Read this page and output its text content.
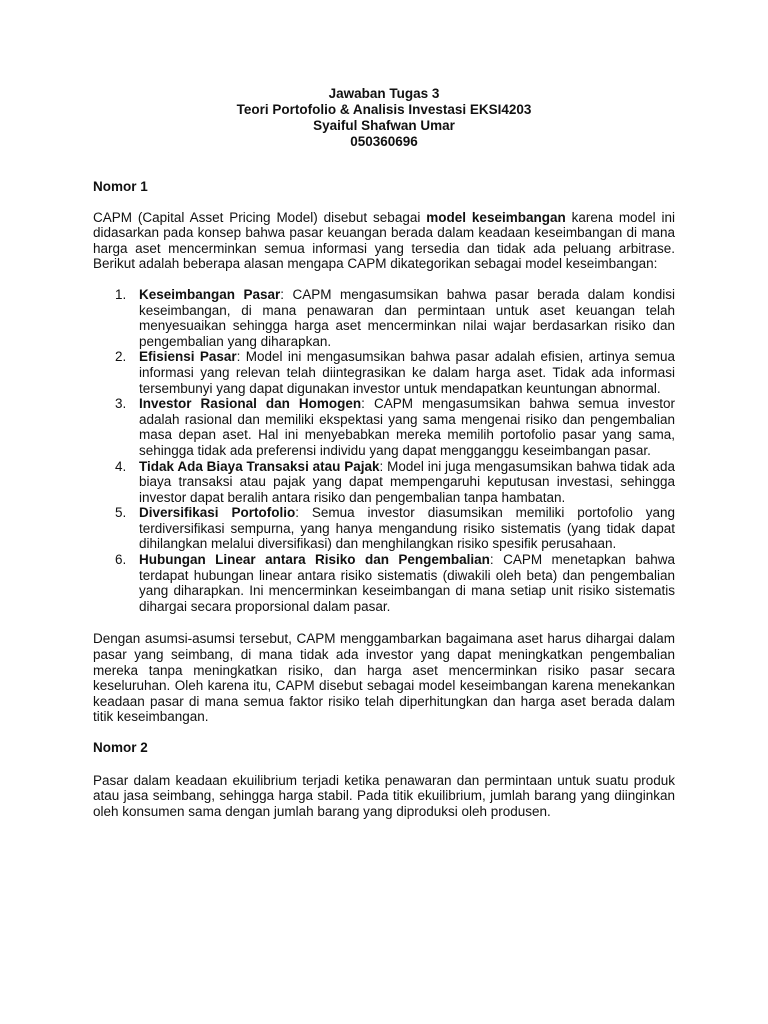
Jawaban Tugas 3
Teori Portofolio & Analisis Investasi EKSI4203
Syaiful Shafwan Umar
050360696
Nomor 1

CAPM (Capital Asset Pricing Model) disebut sebagai model keseimbangan karena model ini didasarkan pada konsep bahwa pasar keuangan berada dalam keadaan keseimbangan di mana harga aset mencerminkan semua informasi yang tersedia dan tidak ada peluang arbitrase. Berikut adalah beberapa alasan mengapa CAPM dikategorikan sebagai model keseimbangan:

1. Keseimbangan Pasar: CAPM mengasumsikan bahwa pasar berada dalam kondisi keseimbangan, di mana penawaran dan permintaan untuk aset keuangan telah menyesuaikan sehingga harga aset mencerminkan nilai wajar berdasarkan risiko dan pengembalian yang diharapkan.
2. Efisiensi Pasar: Model ini mengasumsikan bahwa pasar adalah efisien, artinya semua informasi yang relevan telah diintegrasikan ke dalam harga aset. Tidak ada informasi tersembunyi yang dapat digunakan investor untuk mendapatkan keuntungan abnormal.
3. Investor Rasional dan Homogen: CAPM mengasumsikan bahwa semua investor adalah rasional dan memiliki ekspektasi yang sama mengenai risiko dan pengembalian masa depan aset. Hal ini menyebabkan mereka memilih portofolio pasar yang sama, sehingga tidak ada preferensi individu yang dapat mengganggu keseimbangan pasar.
4. Tidak Ada Biaya Transaksi atau Pajak: Model ini juga mengasumsikan bahwa tidak ada biaya transaksi atau pajak yang dapat mempengaruhi keputusan investasi, sehingga investor dapat beralih antara risiko dan pengembalian tanpa hambatan.
5. Diversifikasi Portofolio: Semua investor diasumsikan memiliki portofolio yang terdiversifikasi sempurna, yang hanya mengandung risiko sistematis (yang tidak dapat dihilangkan melalui diversifikasi) dan menghilangkan risiko spesifik perusahaan.
6. Hubungan Linear antara Risiko dan Pengembalian: CAPM menetapkan bahwa terdapat hubungan linear antara risiko sistematis (diwakili oleh beta) dan pengembalian yang diharapkan. Ini mencerminkan keseimbangan di mana setiap unit risiko sistematis dihargai secara proporsional dalam pasar.

Dengan asumsi-asumsi tersebut, CAPM menggambarkan bagaimana aset harus dihargai dalam pasar yang seimbang, di mana tidak ada investor yang dapat meningkatkan pengembalian mereka tanpa meningkatkan risiko, dan harga aset mencerminkan risiko pasar secara keseluruhan. Oleh karena itu, CAPM disebut sebagai model keseimbangan karena menekankan keadaan pasar di mana semua faktor risiko telah diperhitungkan dan harga aset berada dalam titik keseimbangan.

Nomor 2

Pasar dalam keadaan ekuilibrium terjadi ketika penawaran dan permintaan untuk suatu produk atau jasa seimbang, sehingga harga stabil. Pada titik ekuilibrium, jumlah barang yang diinginkan oleh konsumen sama dengan jumlah barang yang diproduksi oleh produsen.
